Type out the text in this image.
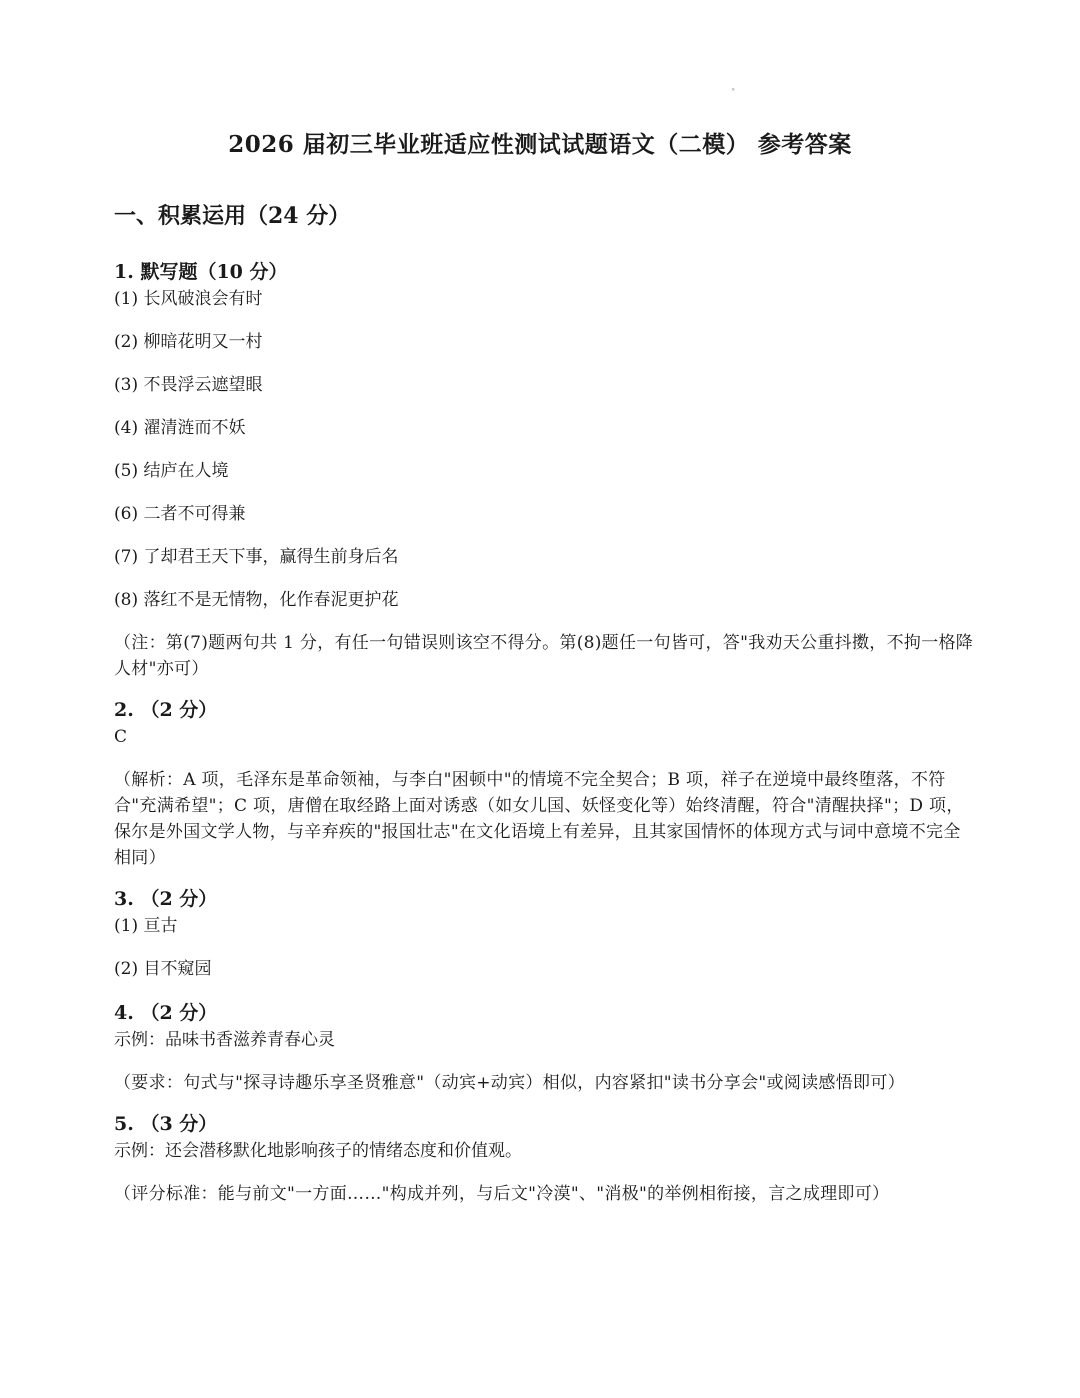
ˢ
2026 届初三毕业班适应性测试试题语文（二模） 参考答案
一、积累运用（24 分）
1. 默写题（10 分）
(1) 长风破浪会有时
(2) 柳暗花明又一村
(3) 不畏浮云遮望眼
(4) 濯清涟而不妖
(5) 结庐在人境
(6) 二者不可得兼
(7) 了却君王天下事，赢得生前身后名
(8) 落红不是无情物，化作春泥更护花
（注：第(7)题两句共 1 分，有任一句错误则该空不得分。第(8)题任一句皆可，答"我劝天公重抖擞，不拘一格降人材"亦可）
2. （2 分）
C
（解析：A 项，毛泽东是革命领袖，与李白"困顿中"的情境不完全契合；B 项，祥子在逆境中最终堕落，不符合"充满希望"；C 项，唐僧在取经路上面对诱惑（如女儿国、妖怪变化等）始终清醒，符合"清醒抉择"；D 项，保尔是外国文学人物，与辛弃疾的"报国壮志"在文化语境上有差异，且其家国情怀的体现方式与词中意境不完全相同）
3. （2 分）
(1) 亘古
(2) 目不窥园
4. （2 分）
示例：品味书香滋养青春心灵
（要求：句式与"探寻诗趣乐享圣贤雅意"（动宾+动宾）相似，内容紧扣"读书分享会"或阅读感悟即可）
5. （3 分）
示例：还会潜移默化地影响孩子的情绪态度和价值观。
（评分标准：能与前文"一方面……"构成并列，与后文"冷漠"、"消极"的举例相衔接，言之成理即可）
